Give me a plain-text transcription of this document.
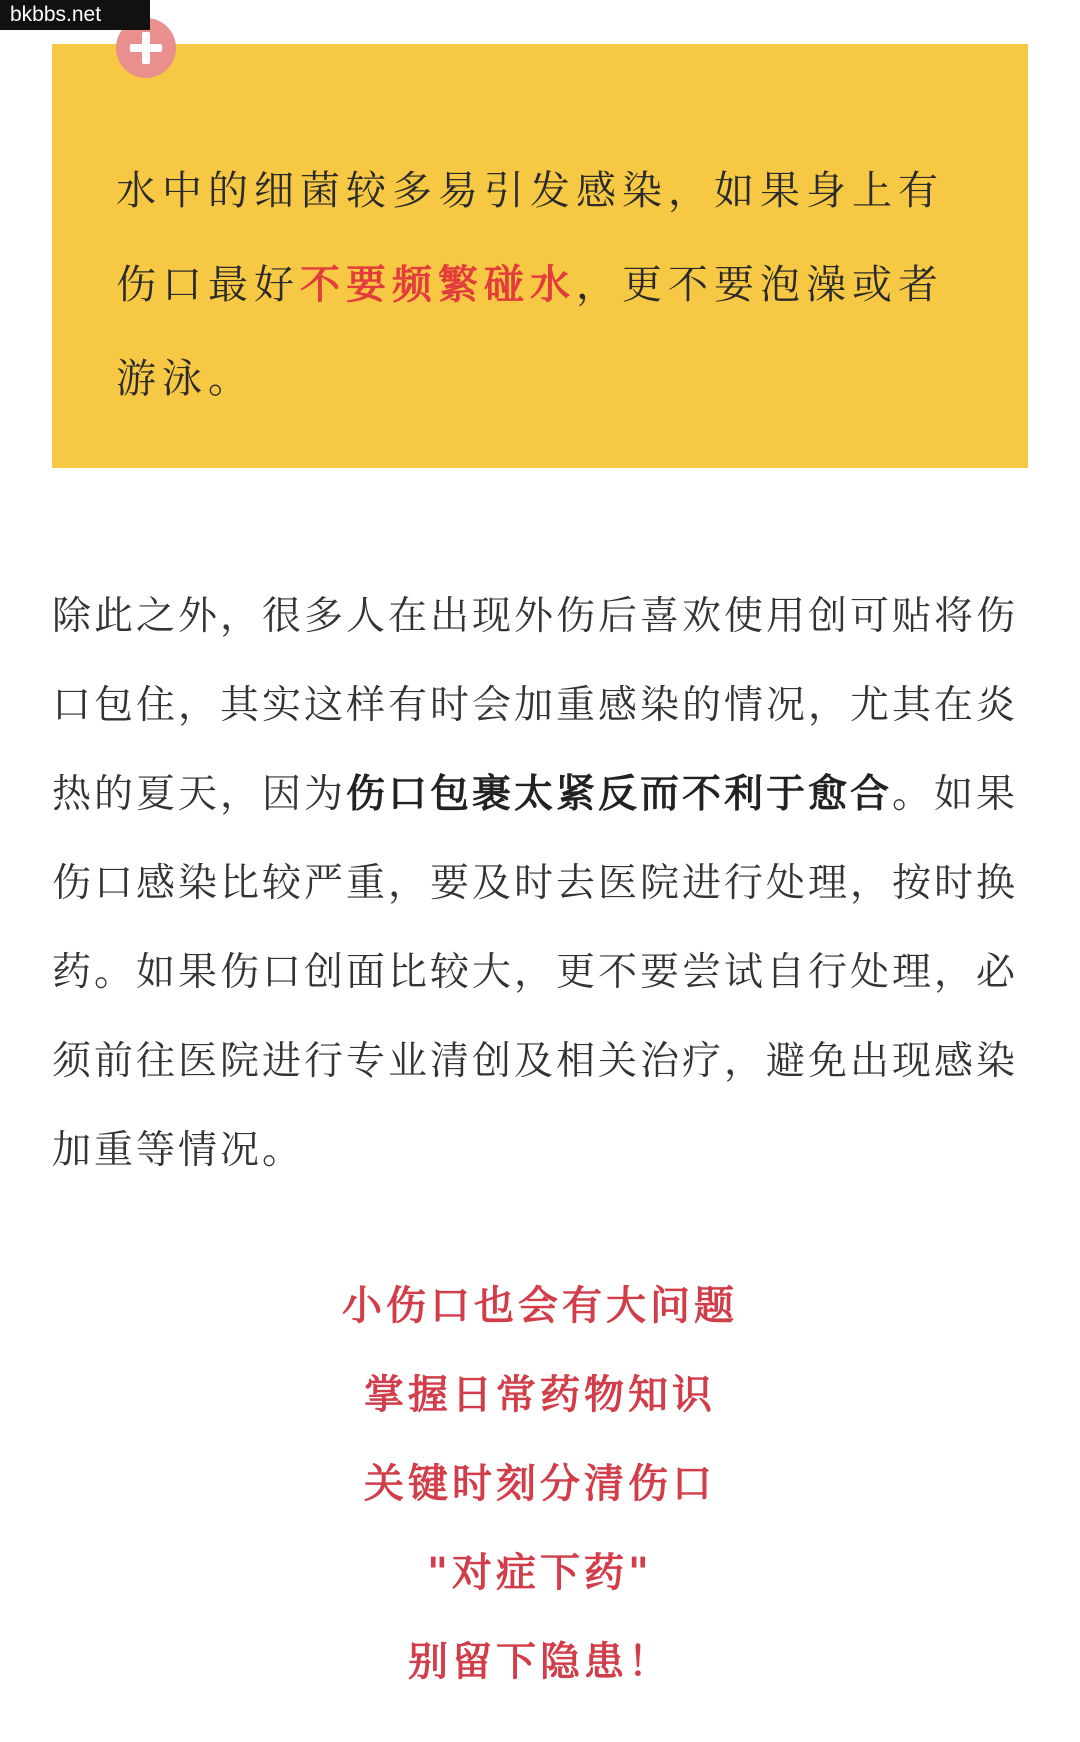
bkbbs.net

水中的细菌较多易引发感染，如果身上有伤口最好不要频繁碰水，更不要泡澡或者游泳。

除此之外，很多人在出现外伤后喜欢使用创可贴将伤口包住，其实这样有时会加重感染的情况，尤其在炎热的夏天，因为伤口包裹太紧反而不利于愈合。如果伤口感染比较严重，要及时去医院进行处理，按时换药。如果伤口创面比较大，更不要尝试自行处理，必须前往医院进行专业清创及相关治疗，避免出现感染加重等情况。

小伤口也会有大问题
掌握日常药物知识
关键时刻分清伤口
"对症下药"
别留下隐患！
